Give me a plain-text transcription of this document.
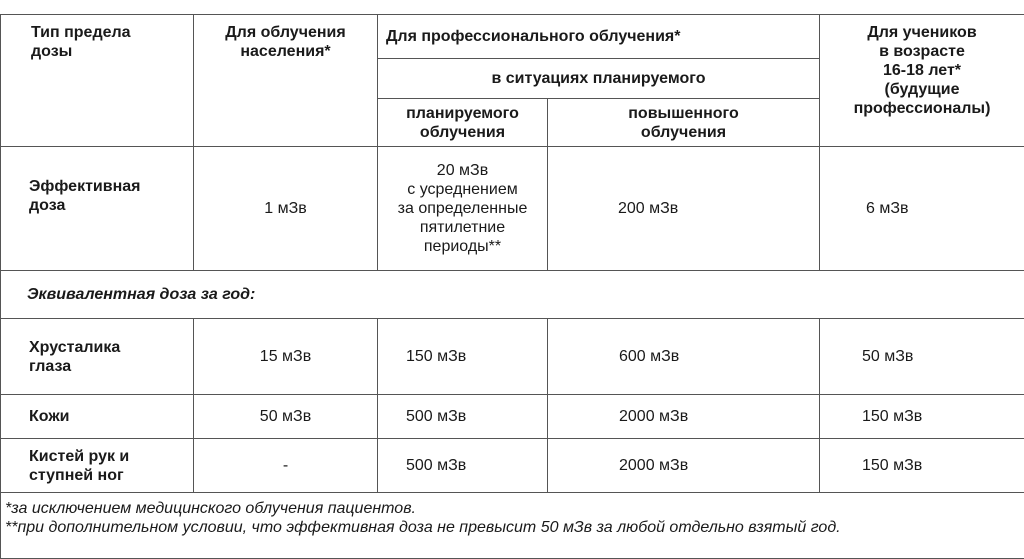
Тип предела
дозы	Для облучения
населения*	Для профессионального облучения*		Для учеников
в возрасте
16-18 лет*
(будущие
профессионалы)

		в ситуациях планируемого		

		планируемого
облучения	повышенного
облучения	

Эффективная
доза	1 мЗв	20 мЗв
с усреднением
за определенные
пятилетние
периоды**	200 мЗв	6 мЗв
Эквивалентная доза за год:				

Хрусталика
глаза	15 мЗв	150 мЗв	600 мЗв	50 мЗв

Кожи	50 мЗв	500 мЗв	2000 мЗв	150 мЗв

Кистей рук и
ступней ног	-	500 мЗв	2000 мЗв	150 мЗв

*за исключением медицинского облучения пациентов.
**при дополнительном условии, что эффективная доза не превысит 50 мЗв за любой отдельно взятый год.				
